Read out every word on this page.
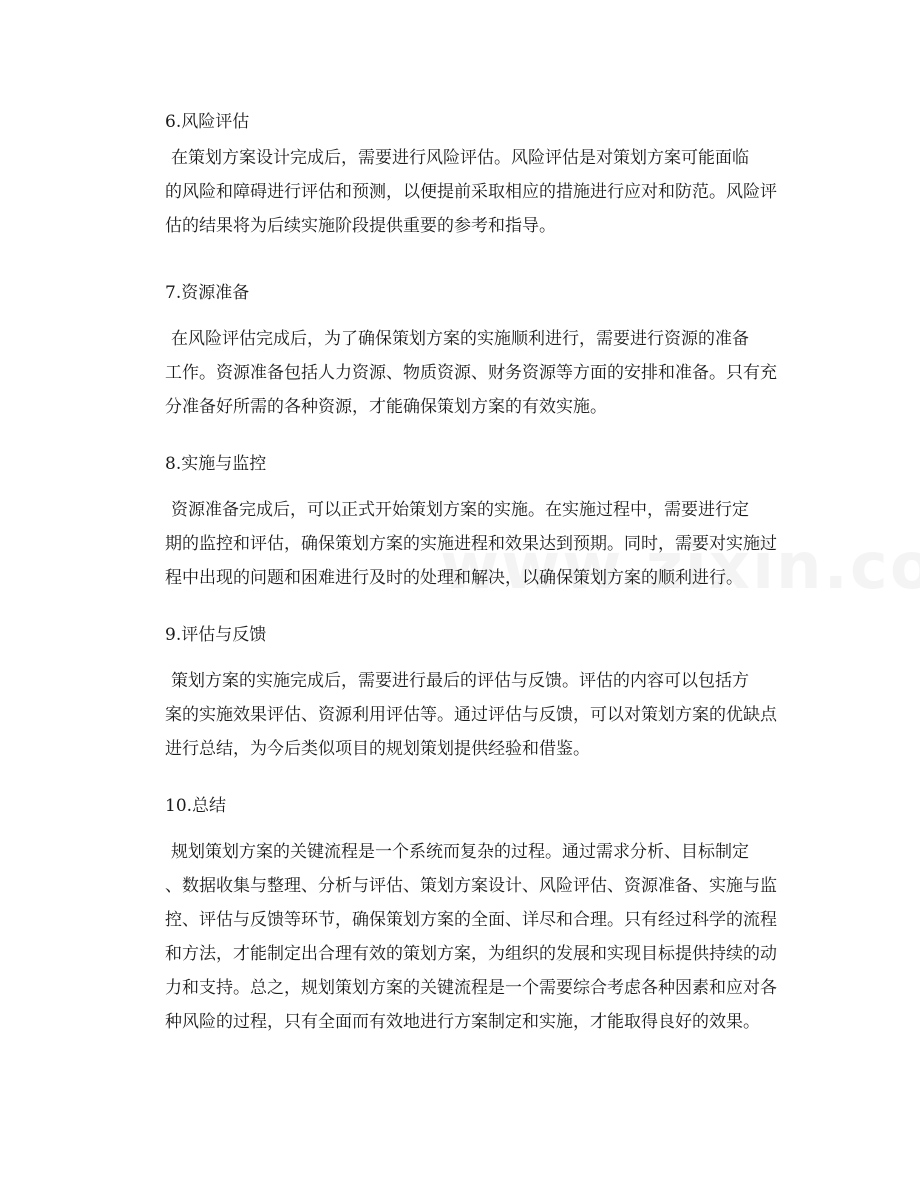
6.风险评估
在策划方案设计完成后，需要进行风险评估。风险评估是对策划方案可能面临
的风险和障碍进行评估和预测，以便提前采取相应的措施进行应对和防范。风险评
估的结果将为后续实施阶段提供重要的参考和指导。
7.资源准备
在风险评估完成后，为了确保策划方案的实施顺利进行，需要进行资源的准备
工作。资源准备包括人力资源、物质资源、财务资源等方面的安排和准备。只有充
分准备好所需的各种资源，才能确保策划方案的有效实施。
8.实施与监控
资源准备完成后，可以正式开始策划方案的实施。在实施过程中，需要进行定
期的监控和评估，确保策划方案的实施进程和效果达到预期。同时，需要对实施过
程中出现的问题和困难进行及时的处理和解决，以确保策划方案的顺利进行。
9.评估与反馈
策划方案的实施完成后，需要进行最后的评估与反馈。评估的内容可以包括方
案的实施效果评估、资源利用评估等。通过评估与反馈，可以对策划方案的优缺点
进行总结，为今后类似项目的规划策划提供经验和借鉴。
10.总结
规划策划方案的关键流程是一个系统而复杂的过程。通过需求分析、目标制定
、数据收集与整理、分析与评估、策划方案设计、风险评估、资源准备、实施与监
控、评估与反馈等环节，确保策划方案的全面、详尽和合理。只有经过科学的流程
和方法，才能制定出合理有效的策划方案，为组织的发展和实现目标提供持续的动
力和支持。总之，规划策划方案的关键流程是一个需要综合考虑各种因素和应对各
种风险的过程，只有全面而有效地进行方案制定和实施，才能取得良好的效果。
